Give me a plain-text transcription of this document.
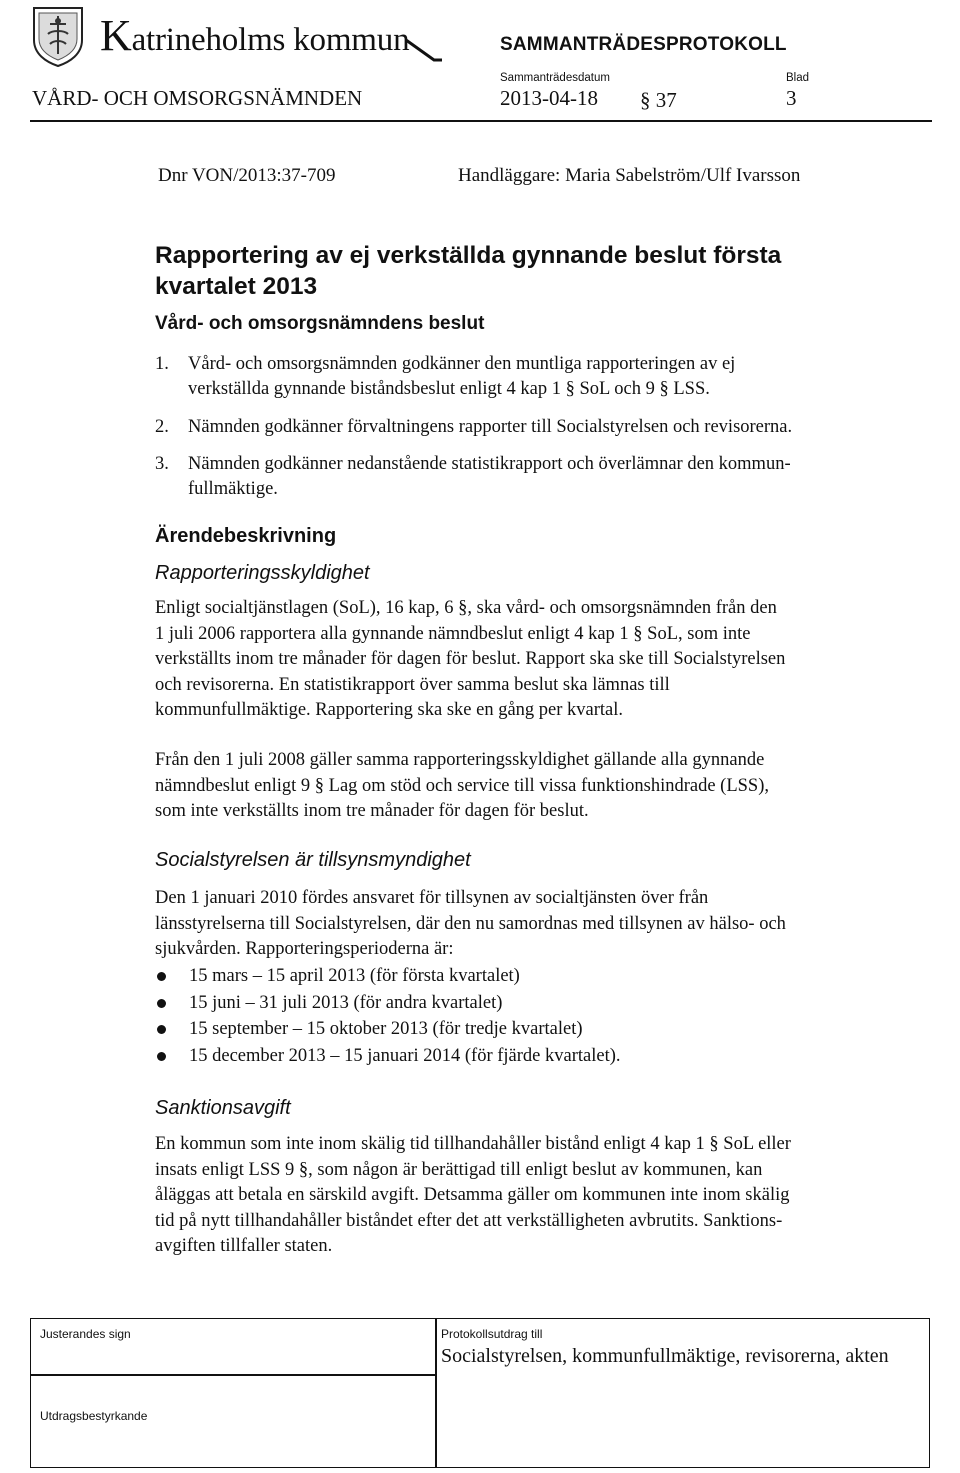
Katrineholms kommun	SAMMANTRÄDESPROTOKOLL
Sammanträdesdatum	Blad
VÅRD- OCH OMSORGSNÄMNDEN	2013-04-18 § 37	3
Dnr VON/2013:37-709	Handläggare: Maria Sabelström/Ulf Ivarsson
Rapportering av ej verkställda gynnande beslut första
kvartalet 2013
Vård- och omsorgsnämndens beslut
1. Vård- och omsorgsnämnden godkänner den muntliga rapporteringen av ej
verkställda gynnande biståndsbeslut enligt 4 kap 1 § SoL och 9 § LSS.
2. Nämnden godkänner förvaltningens rapporter till Socialstyrelsen och revisorerna.
3. Nämnden godkänner nedanstående statistikrapport och överlämnar den kommun-
fullmäktige.
Ärendebeskrivning
Rapporteringsskyldighet
Enligt socialtjänstlagen (SoL), 16 kap, 6 §, ska vård- och omsorgsnämnden från den
1 juli 2006 rapportera alla gynnande nämndbeslut enligt 4 kap 1 § SoL, som inte
verkställts inom tre månader för dagen för beslut. Rapport ska ske till Socialstyrelsen
och revisorerna. En statistikrapport över samma beslut ska lämnas till
kommunfullmäktige. Rapportering ska ske en gång per kvartal.
Från den 1 juli 2008 gäller samma rapporteringsskyldighet gällande alla gynnande
nämndbeslut enligt 9 § Lag om stöd och service till vissa funktionshindrade (LSS),
som inte verkställts inom tre månader för dagen för beslut.
Socialstyrelsen är tillsynsmyndighet
Den 1 januari 2010 fördes ansvaret för tillsynen av socialtjänsten över från
länsstyrelserna till Socialstyrelsen, där den nu samordnas med tillsynen av hälso- och
sjukvården. Rapporteringsperioderna är:
15 mars – 15 april 2013 (för första kvartalet)
15 juni – 31 juli 2013 (för andra kvartalet)
15 september – 15 oktober 2013 (för tredje kvartalet)
15 december 2013 – 15 januari 2014 (för fjärde kvartalet).
Sanktionsavgift
En kommun som inte inom skälig tid tillhandahåller bistånd enligt 4 kap 1 § SoL eller
insats enligt LSS 9 §, som någon är berättigad till enligt beslut av kommunen, kan
åläggas att betala en särskild avgift. Detsamma gäller om kommunen inte inom skälig
tid på nytt tillhandahåller biståndet efter det att verkställigheten avbrutits. Sanktions-
avgiften tillfaller staten.
Justerandes sign
Utdragsbestyrkande
Protokollsutdrag till
Socialstyrelsen, kommunfullmäktige, revisorerna, akten
